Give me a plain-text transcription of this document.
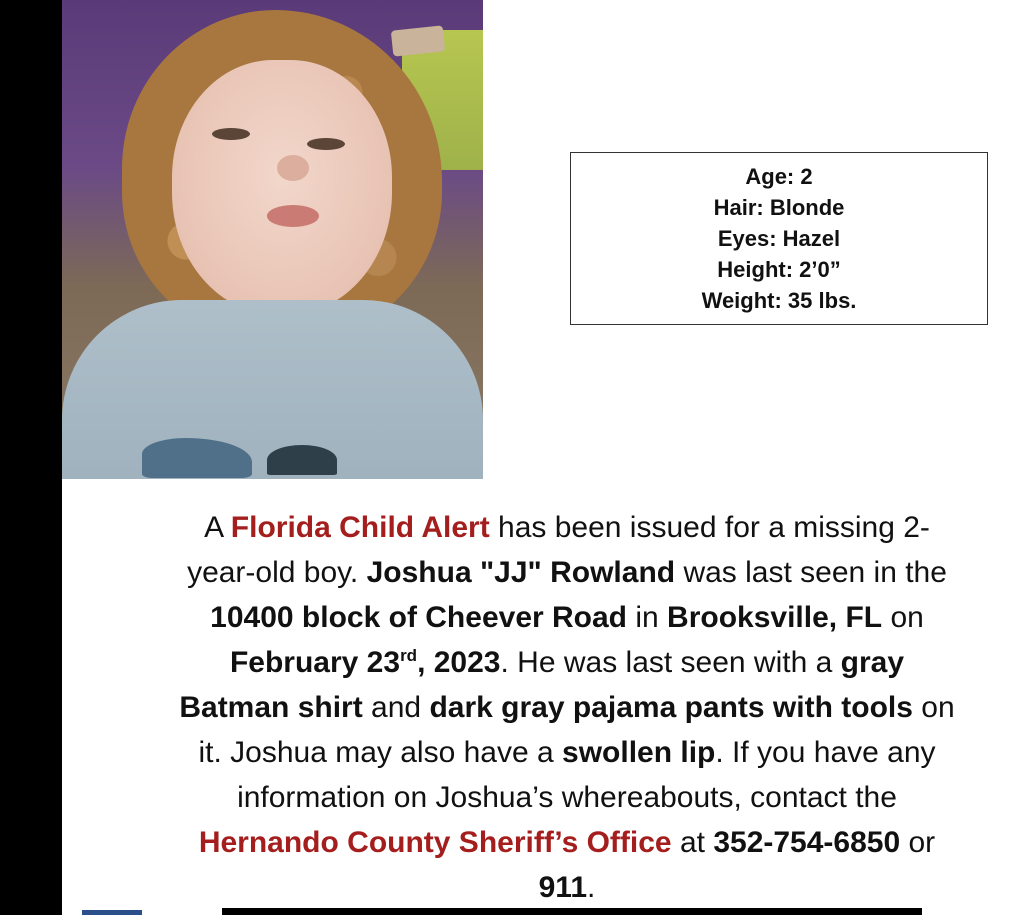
Age: 2
Hair: Blonde
Eyes: Hazel
Height: 2’0”
Weight: 35 lbs.
A Florida Child Alert has been issued for a missing 2-
year-old boy. Joshua "JJ" Rowland was last seen in the
10400 block of Cheever Road in Brooksville, FL on
February 23rd, 2023. He was last seen with a gray
Batman shirt and dark gray pajama pants with tools on
it. Joshua may also have a swollen lip. If you have any
information on Joshua’s whereabouts, contact the
Hernando County Sheriff’s Office at 352-754-6850 or
911.
